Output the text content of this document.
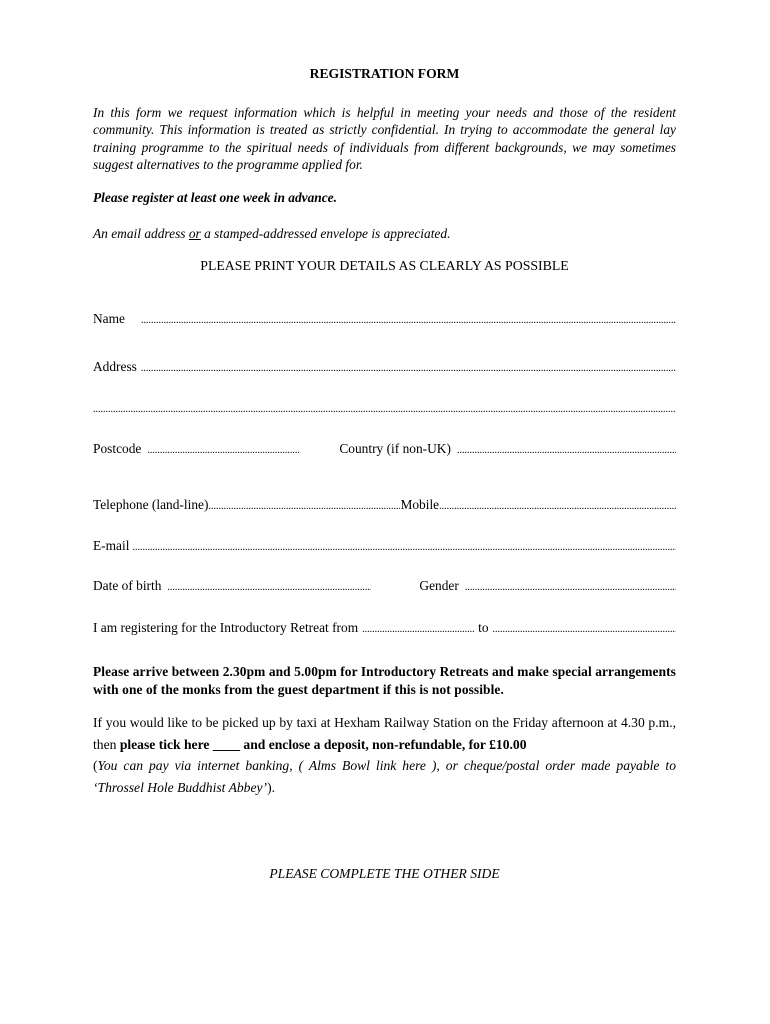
REGISTRATION FORM
In this form we request information which is helpful in meeting your needs and those of the resident community. This information is treated as strictly confidential. In trying to accommodate the general lay training programme to the spiritual needs of individuals from different backgrounds, we may sometimes suggest alternatives to the programme applied for.
Please register at least one week in advance.
An email address or a stamped-addressed envelope is appreciated.
PLEASE PRINT YOUR DETAILS AS CLEARLY AS POSSIBLE
Name
.....
Address
.....
.....
Postcode .....	Country (if non-UK)
.....
Telephone (land-line) .....	Mobile
.....
E-mail
.....
Date of birth .....	Gender
.....
I am registering for the Introductory Retreat from .....	to
.....
Please arrive between 2.30pm and 5.00pm for Introductory Retreats and make special arrangements with one of the monks from the guest department if this is not possible.
If you would like to be picked up by taxi at Hexham Railway Station on the Friday afternoon at 4.30 p.m., then please tick here ____ and enclose a deposit, non-refundable, for £10.00
(You can pay via internet banking, ( Alms Bowl link here ), or cheque/postal order made payable to ‘Throssel Hole Buddhist Abbey’).
PLEASE COMPLETE THE OTHER SIDE
